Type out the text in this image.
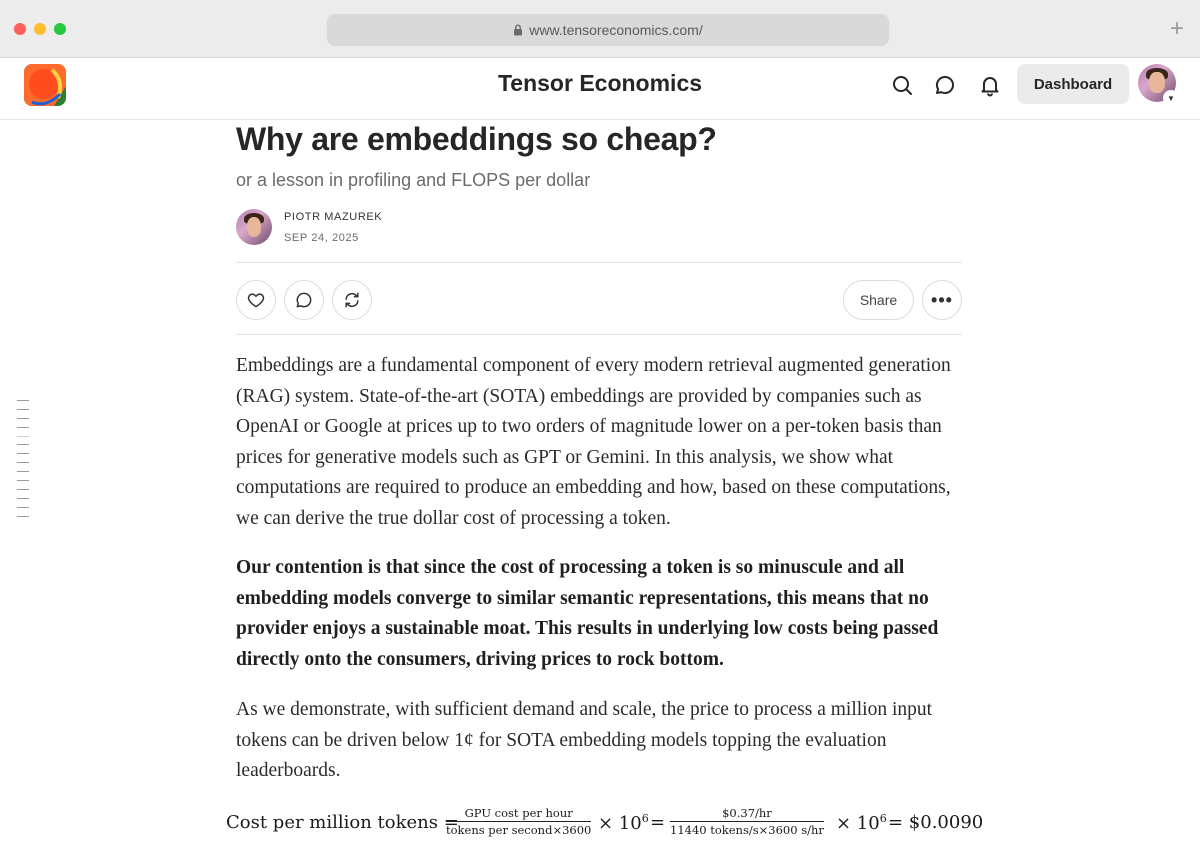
www.tensoreconomics.com/	+
Tensor Economics	Dashboard
▼
Why are embeddings so cheap?
or a lesson in profiling and FLOPS per dollar
PIOTR MAZUREK
SEP 24, 2025
Share	•••

Embeddings are a fundamental component of every modern retrieval augmented generation (RAG) system. State-of-the-art (SOTA) embeddings are provided by companies such as OpenAI or Google at prices up to two orders of magnitude lower on a per-token basis than prices for generative models such as GPT or Gemini. In this analysis, we show what computations are required to produce an embedding and how, based on these computations, we can derive the true dollar cost of processing a token.

Our contention is that since the cost of processing a token is so minuscule and all embedding models converge to similar semantic representations, this means that no provider enjoys a sustainable moat. This results in underlying low costs being passed directly onto the consumers, driving prices to rock bottom.

As we demonstrate, with sufficient demand and scale, the price to process a million input tokens can be driven below 1¢ for SOTA embedding models topping the evaluation leaderboards.

Cost per million tokens = GPU cost per hour
tokens per second×3600 × $10^6$ =	$0.37/hr
11440 tokens/s×3600 $s/hr \times 10^6$ = $0.0090
